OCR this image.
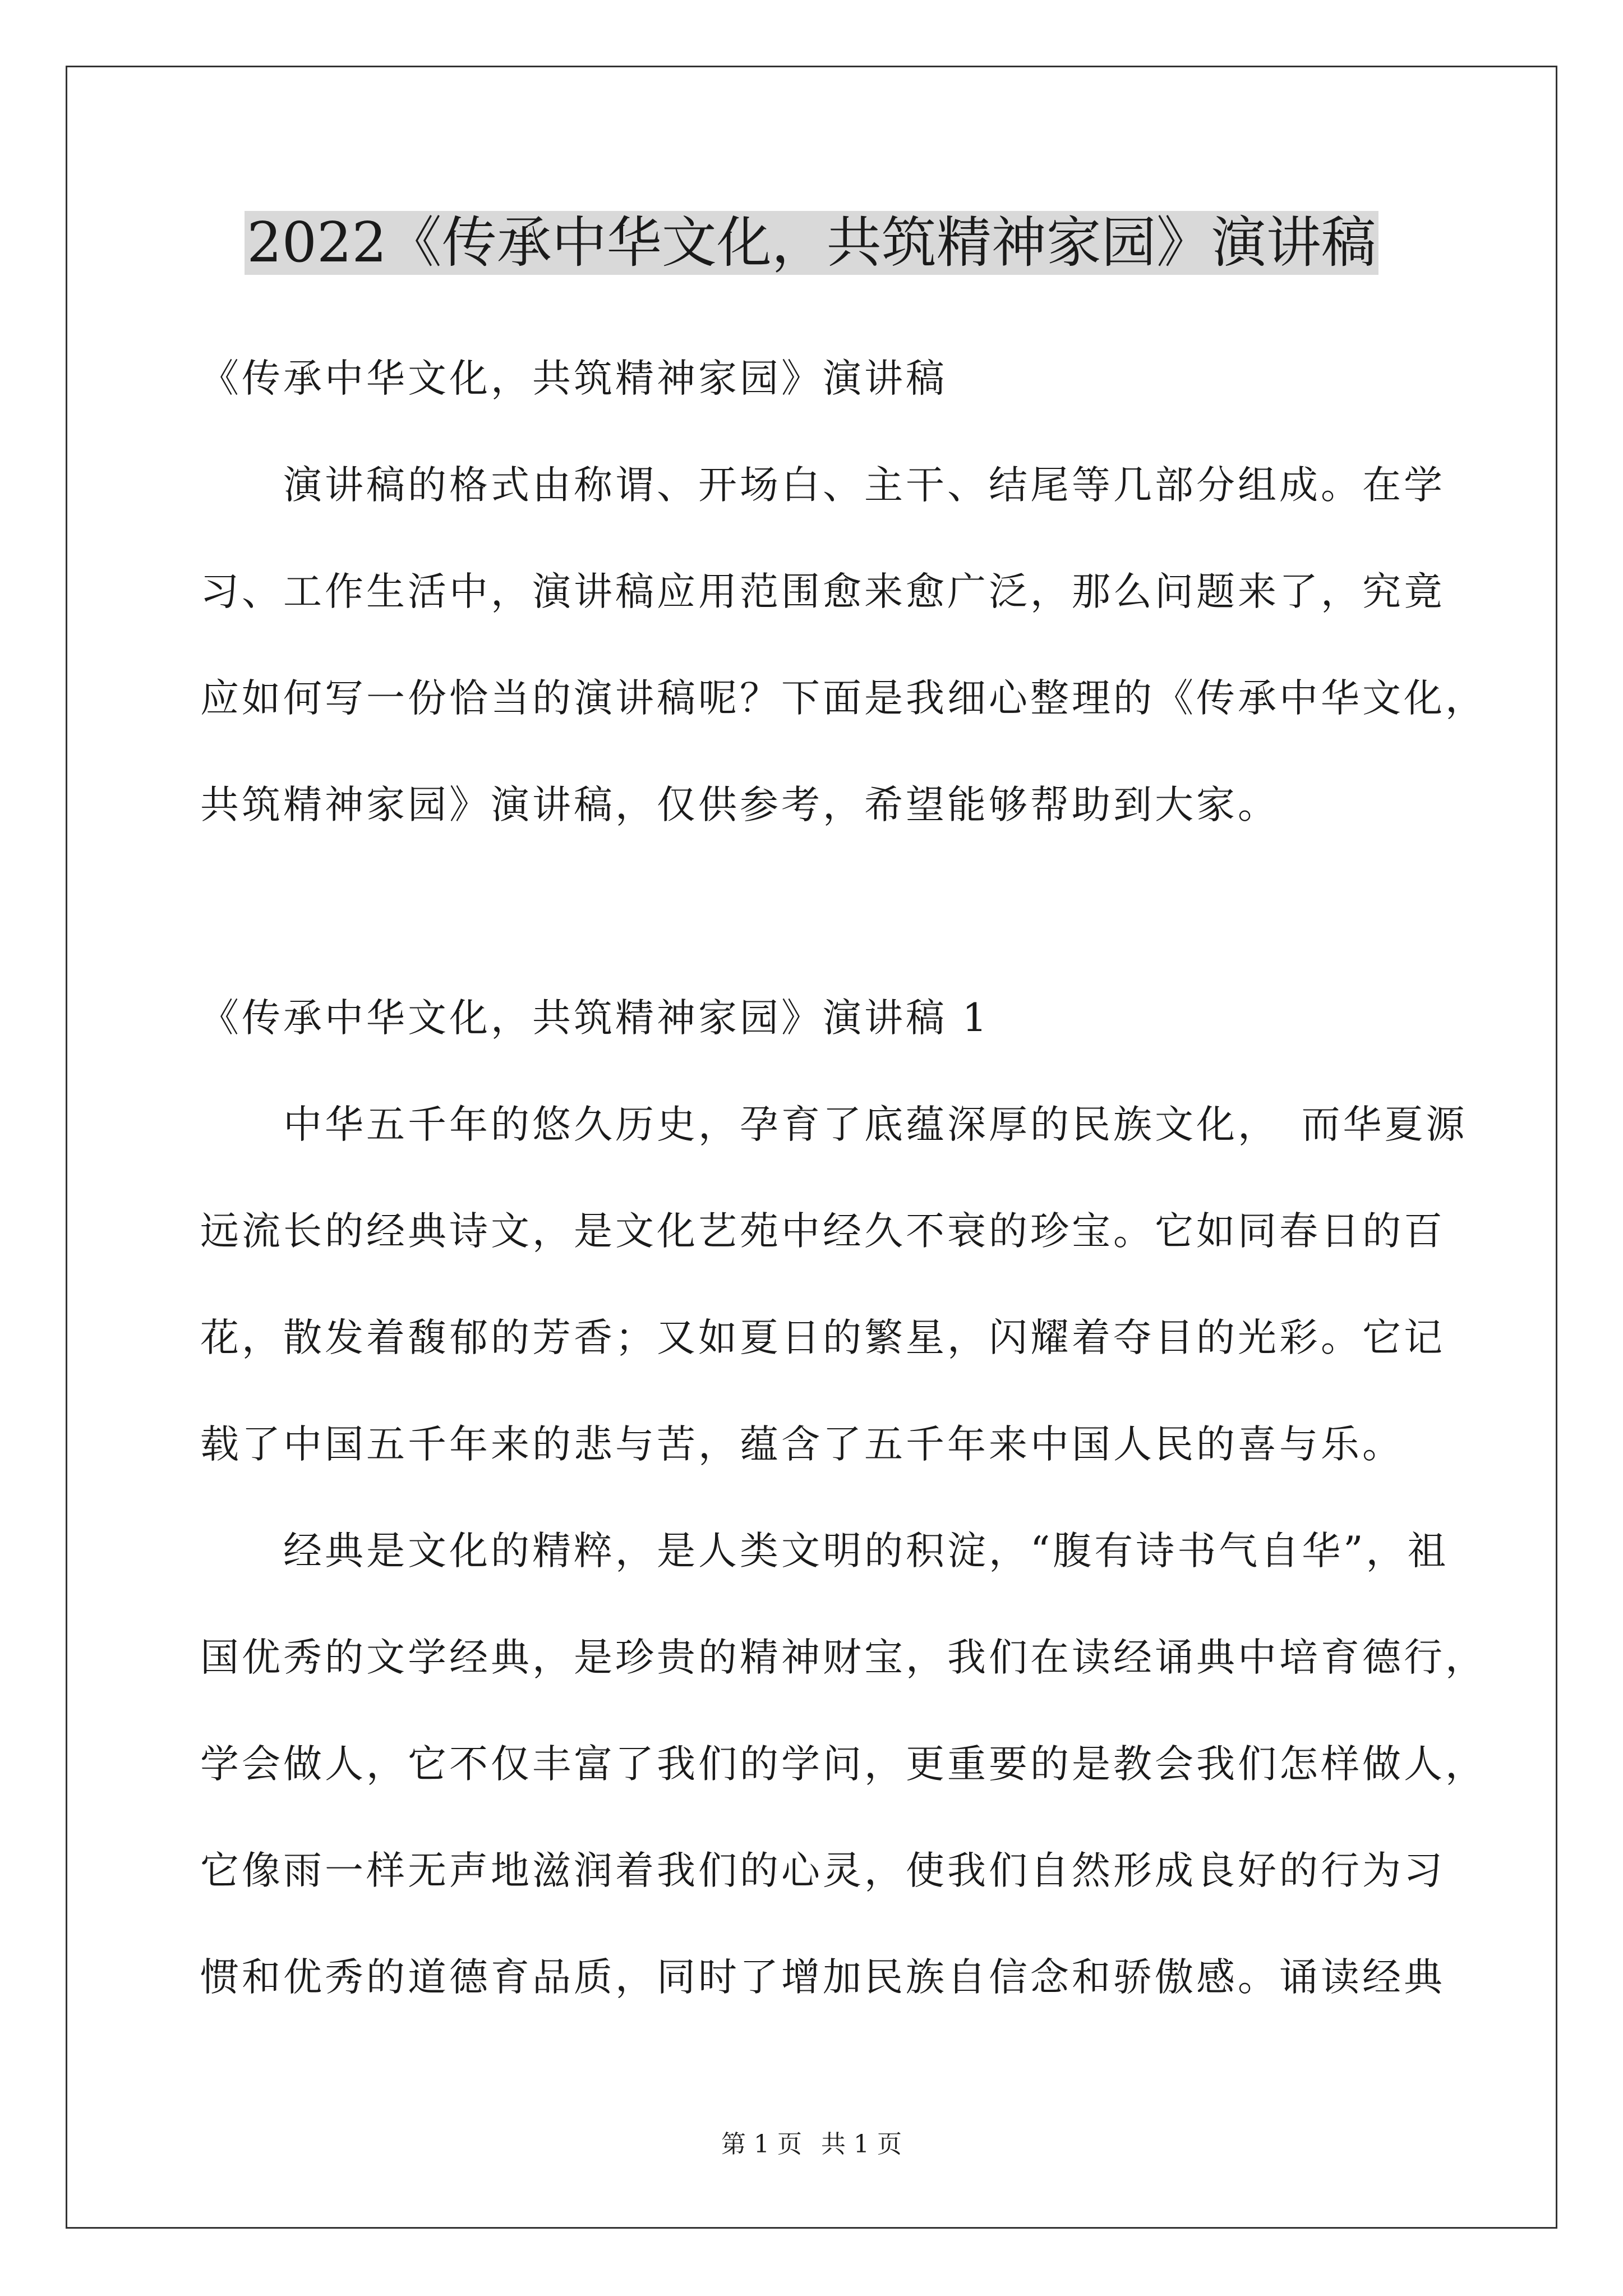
2022《传承中华文化，共筑精神家园》演讲稿
《传承中华文化，共筑精神家园》演讲稿
　　演讲稿的格式由称谓、开场白、主干、结尾等几部分组成。在学
习、工作生活中，演讲稿应用范围愈来愈广泛，那么问题来了，究竟
应如何写一份恰当的演讲稿呢？下面是我细心整理的《传承中华文化，
共筑精神家园》演讲稿，仅供参考，希望能够帮助到大家。
《传承中华文化，共筑精神家园》演讲稿 1
　　中华五千年的悠久历史，孕育了底蕴深厚的民族文化，　而华夏源
远流长的经典诗文，是文化艺苑中经久不衰的珍宝。它如同春日的百
花，散发着馥郁的芳香；又如夏日的繁星，闪耀着夺目的光彩。它记
载了中国五千年来的悲与苦，蕴含了五千年来中国人民的喜与乐。
　　经典是文化的精粹，是人类文明的积淀，“腹有诗书气自华”，祖
国优秀的文学经典，是珍贵的精神财宝，我们在读经诵典中培育德行，
学会做人，它不仅丰富了我们的学问，更重要的是教会我们怎样做人，
它像雨一样无声地滋润着我们的心灵，使我们自然形成良好的行为习
惯和优秀的道德育品质，同时了增加民族自信念和骄傲感。诵读经典
第 1 页 共 1 页
